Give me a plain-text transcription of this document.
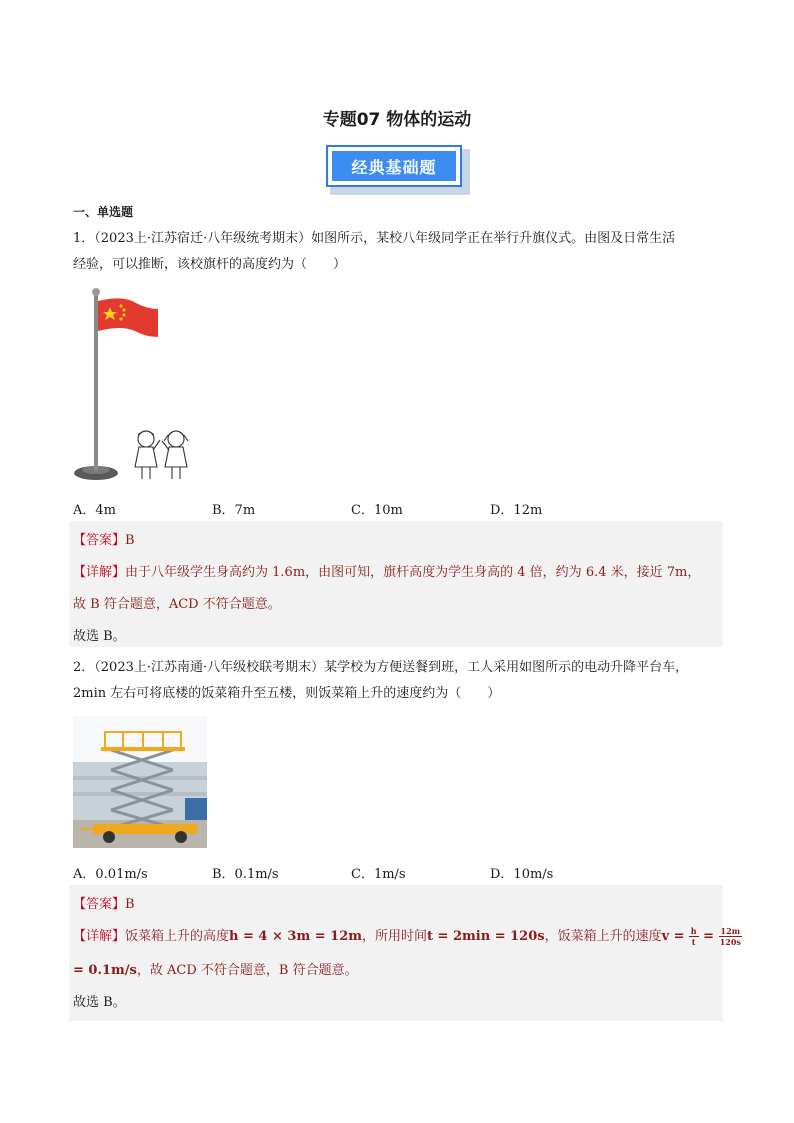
专题07 物体的运动
经典基础题
一、单选题
1．（2023上·江苏宿迁·八年级统考期末）如图所示，某校八年级同学正在举行升旗仪式。由图及日常生活
经验，可以推断，该校旗杆的高度约为（　　）
A．4m	B．7m	C．10m	D．12m
【答案】B
【详解】由于八年级学生身高约为 1.6m，由图可知，旗杆高度为学生身高的 4 倍，约为 6.4 米，接近 7m，
故 B 符合题意，ACD 不符合题意。
故选 B。
2．（2023上·江苏南通·八年级校联考期末）某学校为方便送餐到班，工人采用如图所示的电动升降平台车，
2min 左右可将底楼的饭菜箱升至五楼，则饭菜箱上升的速度约为（　　）
A．0.01m/s	B．0.1m/s	C．1m/s	D．10m/s
【答案】B
【详解】饭菜箱上升的高度h = 4 × 3m = 12m，所用时间t = 2min = 120s，饭菜箱上升的速度$v = \frac{h}{t} = \frac{12m}{120s}$
= 0.1m/s，故 ACD 不符合题意，B 符合题意。
故选 B。
